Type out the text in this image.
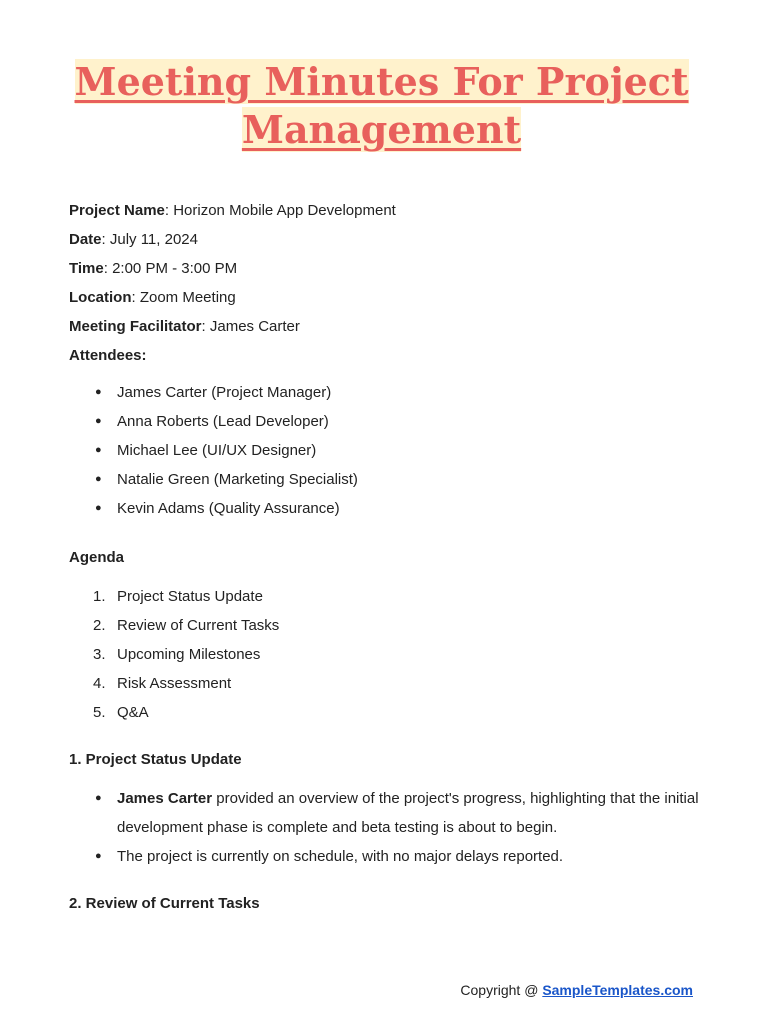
Meeting Minutes For Project Management

Project Name: Horizon Mobile App Development

Date: July 11, 2024

Time: 2:00 PM - 3:00 PM

Location: Zoom Meeting

Meeting Facilitator: James Carter

Attendees:

● James Carter (Project Manager)
● Anna Roberts (Lead Developer)
● Michael Lee (UI/UX Designer)
● Natalie Green (Marketing Specialist)
● Kevin Adams (Quality Assurance)

Agenda

1. Project Status Update
2. Review of Current Tasks
3. Upcoming Milestones
4. Risk Assessment
5. Q&A

1. Project Status Update

● James Carter provided an overview of the project's progress, highlighting that the initial development phase is complete and beta testing is about to begin.
● The project is currently on schedule, with no major delays reported.

2. Review of Current Tasks

Copyright @ SampleTemplates.com
